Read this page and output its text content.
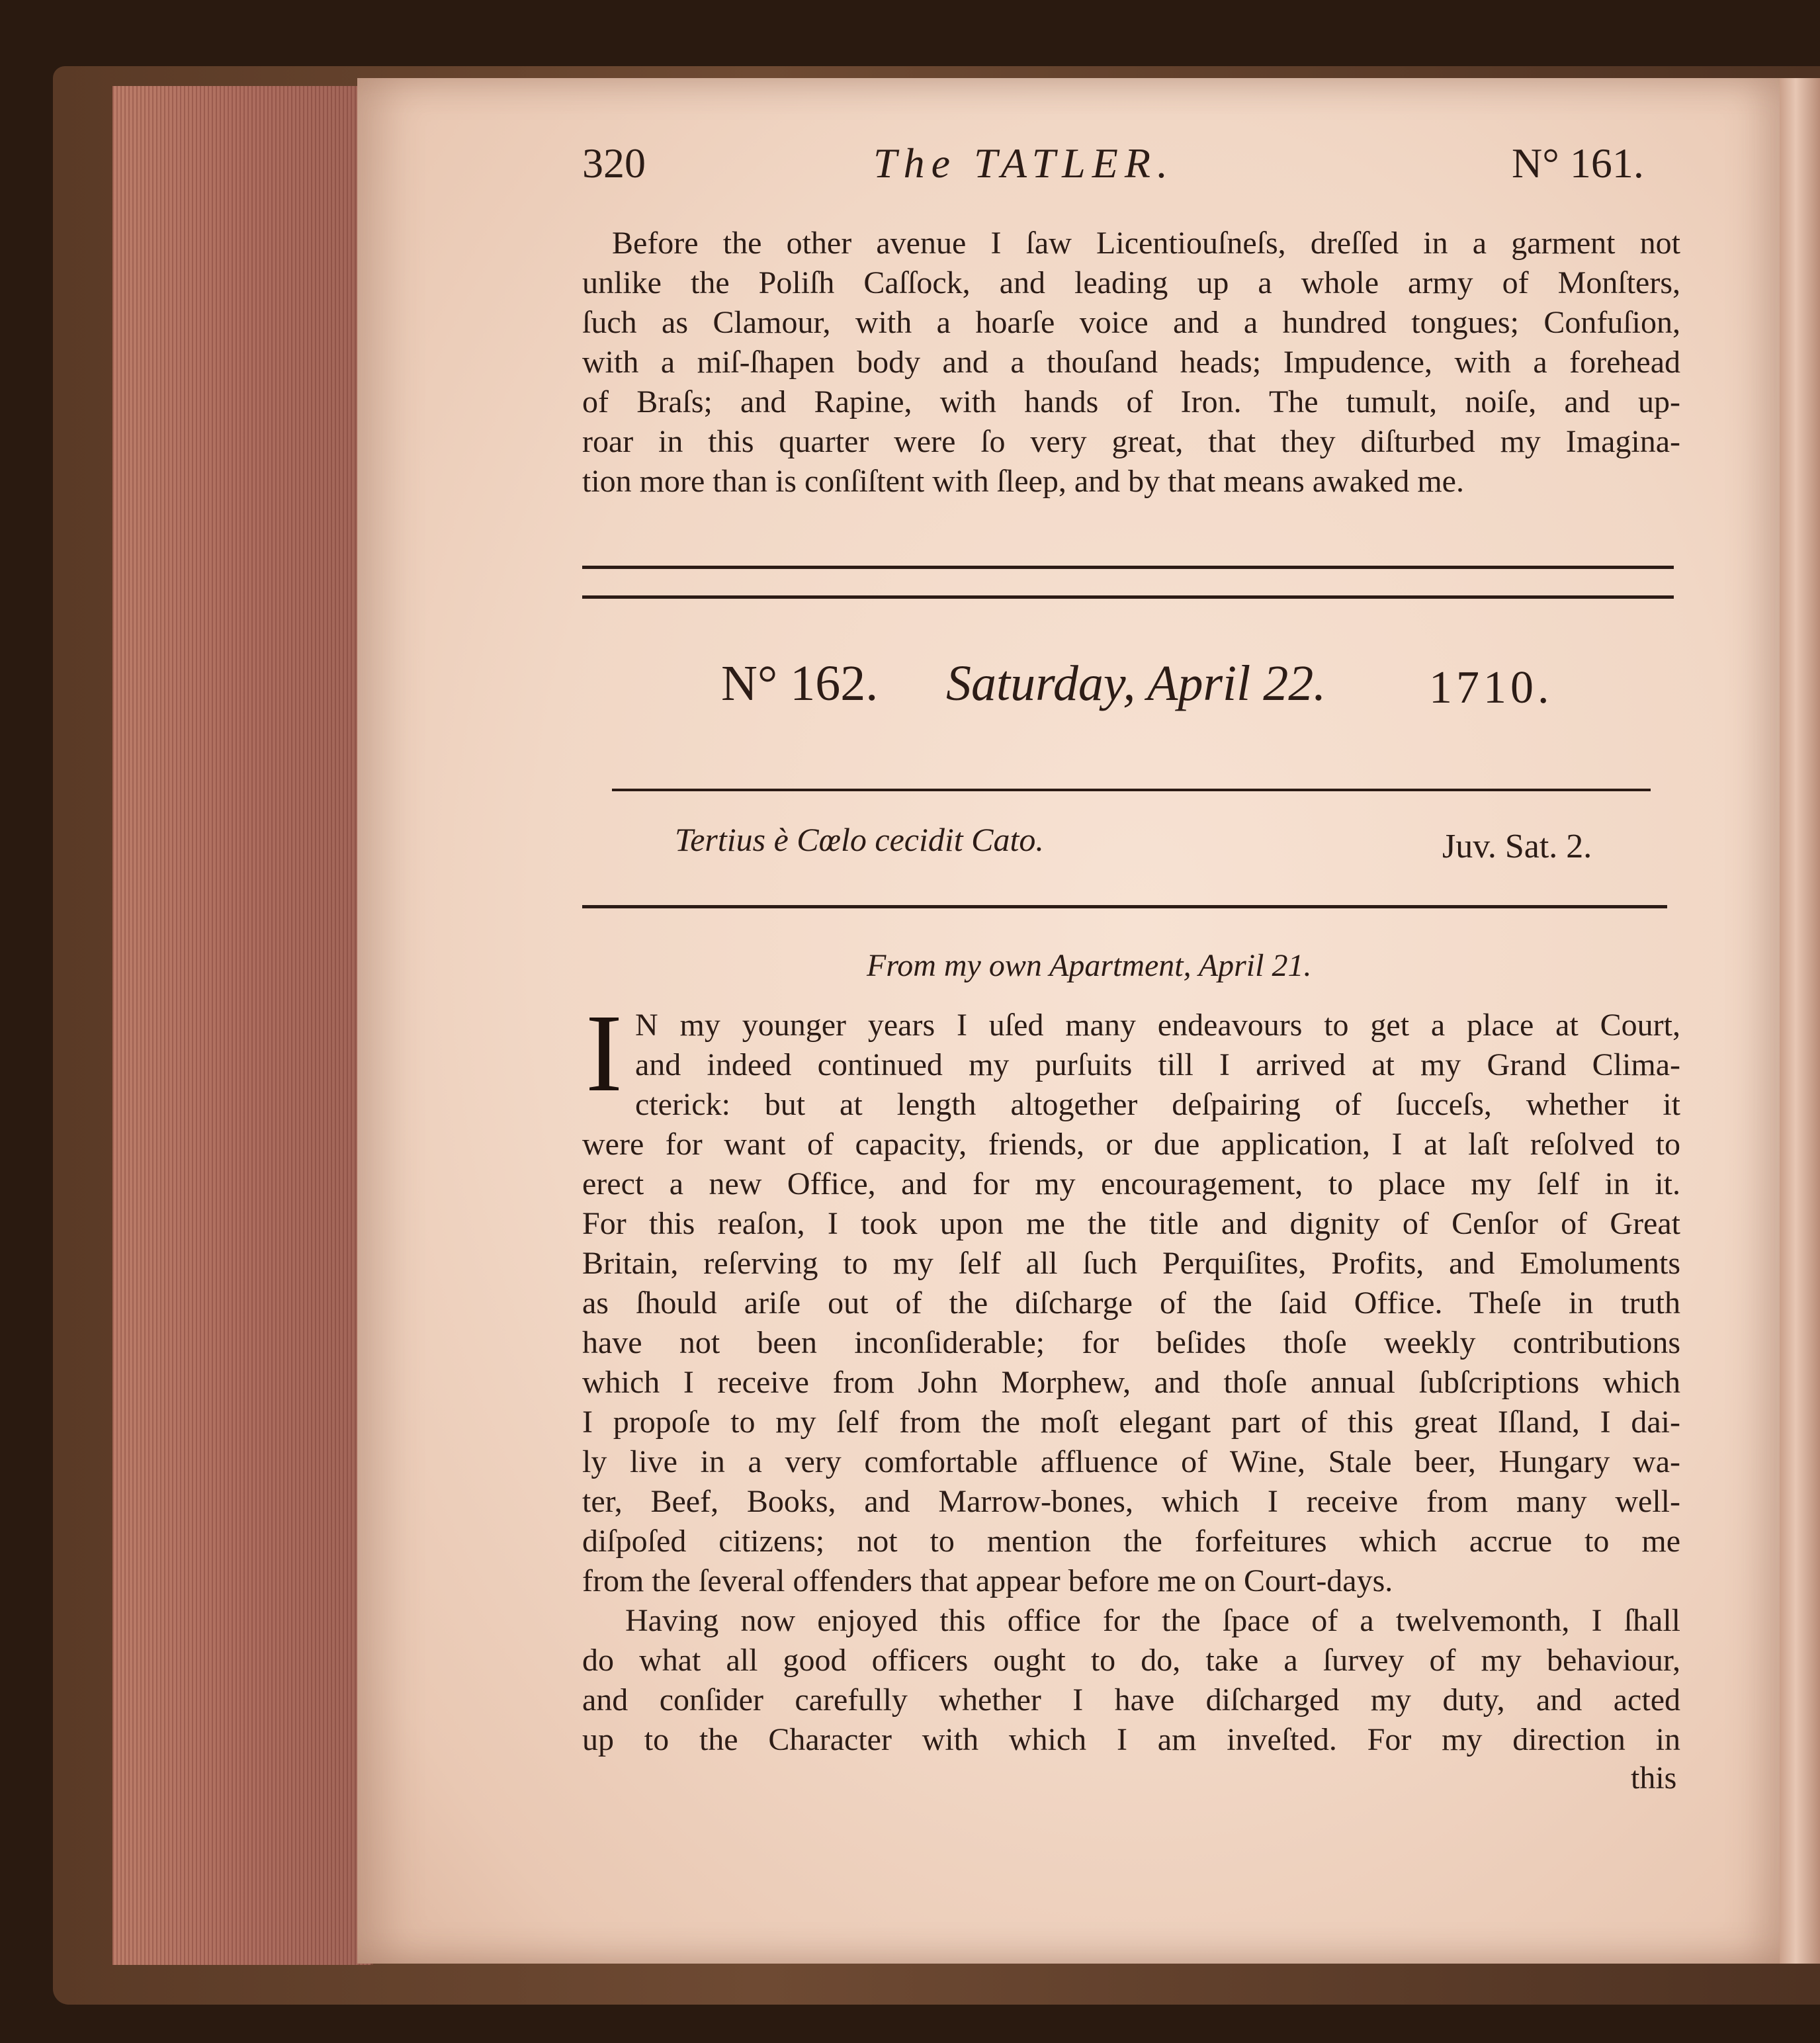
320	The TATLER.	N° 161.
Before the other avenue I ſaw Licentiouſneſs, dreſſed in a garment not
unlike the Poliſh Caſſock, and leading up a whole army of Monſters,
ſuch as Clamour, with a hoarſe voice and a hundred tongues; Confuſion,
with a miſ-ſhapen body and a thouſand heads; Impudence, with a forehead
of Braſs; and Rapine, with hands of Iron. The tumult, noiſe, and up-
roar in this quarter were ſo very great, that they diſturbed my Imagina-
tion more than is conſiſtent with ſleep, and by that means awaked me.
N° 162. Saturday, April 22. 1710.
Tertius è Cœlo cecidit Cato.	Juv. Sat. 2.
From my own Apartment, April 21.
I N my younger years I uſed many endeavours to get a place at Court,
and indeed continued my purſuits till I arrived at my Grand Clima-
cterick: but at length altogether deſpairing of ſucceſs, whether it
were for want of capacity, friends, or due application, I at laſt reſolved to
erect a new Office, and for my encouragement, to place my ſelf in it.
For this reaſon, I took upon me the title and dignity of Cenſor of Great
Britain, reſerving to my ſelf all ſuch Perquiſites, Profits, and Emoluments
as ſhould ariſe out of the diſcharge of the ſaid Office. Theſe in truth
have not been inconſiderable; for beſides thoſe weekly contributions
which I receive from John Morphew, and thoſe annual ſubſcriptions which
I propoſe to my ſelf from the moſt elegant part of this great Iſland, I dai-
ly live in a very comfortable affluence of Wine, Stale beer, Hungary wa-
ter, Beef, Books, and Marrow-bones, which I receive from many well-
diſpoſed citizens; not to mention the forfeitures which accrue to me
from the ſeveral offenders that appear before me on Court-days.
Having now enjoyed this office for the ſpace of a twelvemonth, I ſhall
do what all good officers ought to do, take a ſurvey of my behaviour,
and conſider carefully whether I have diſcharged my duty, and acted
up to the Character with which I am inveſted. For my direction in
this
